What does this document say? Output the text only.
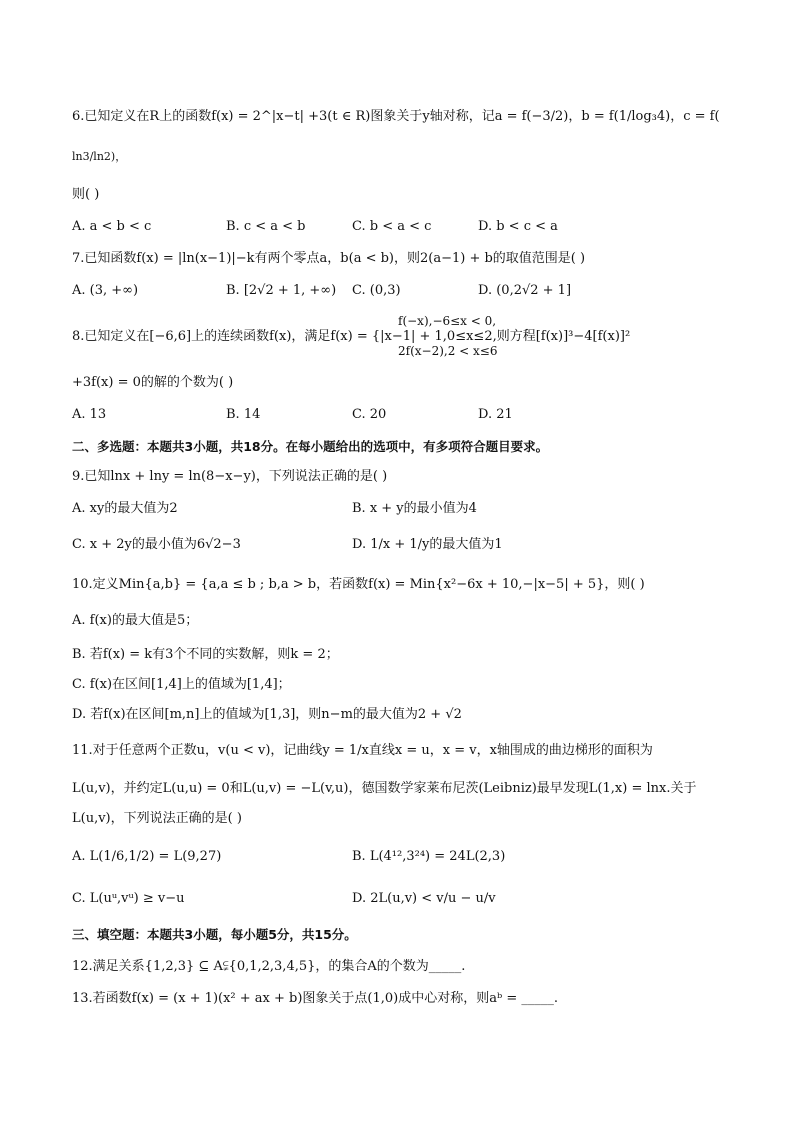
6.已知定义在R上的函数f(x) = 2^|x−t| +3(t ∈ R)图象关于y轴对称，记a = f(−3/2)，b = f(1/log₃4)，c = f(
ln3/ln2)，
则( )
A. a < b < c	B. c < a < b	C. b < a < c	D. b < c < a
7.已知函数f(x) = |ln(x−1)|−k有两个零点a，b(a < b)，则2(a−1) + b的取值范围是( )
A. (3, +∞)	B. [2√2 + 1, +∞) C. (0,3)	D. (0,2√2 + 1]
f(−x),−6≤x < 0,
8.已知定义在[−6,6]上的连续函数f(x)，满足f(x) = {|x−1| + 1,0≤x≤2,则方程[f(x)]³−4[f(x)]²
2f(x−2),2 < x≤6
+3f(x) = 0的解的个数为( )
A. 13	B. 14	C. 20	D. 21
二、多选题：本题共3小题，共18分。在每小题给出的选项中，有多项符合题目要求。
9.已知lnx + lny = ln(8−x−y)，下列说法正确的是( )
A. xy的最大值为2	B. x + y的最小值为4
C. x + 2y的最小值为6√2−3	D. 1/x + 1/y的最大值为1
10.定义Min{a,b} = {a,a ≤ b ; b,a > b，若函数f(x) = Min{x²−6x + 10,−|x−5| + 5}，则( )
A. f(x)的最大值是5；
B. 若f(x) = k有3个不同的实数解，则k = 2；
C. f(x)在区间[1,4]上的值域为[1,4]；
D. 若f(x)在区间[m,n]上的值域为[1,3]，则n−m的最大值为2 + √2
11.对于任意两个正数u，v(u < v)，记曲线y = 1/x直线x = u，x = v，x轴围成的曲边梯形的面积为
L(u,v)，并约定L(u,u) = 0和L(u,v) = −L(v,u)，德国数学家莱布尼茨(Leibniz)最早发现L(1,x) = lnx.关于
L(u,v)，下列说法正确的是( )
A. L(1/6,1/2) = L(9,27)	B. L(4¹²,3²⁴) = 24L(2,3)
C. L(uᵘ,vᵘ) ≥ v−u	D. 2L(u,v) < v/u − u/v
三、填空题：本题共3小题，每小题5分，共15分。
12.满足关系{1,2,3} ⊆ A⫋{0,1,2,3,4,5}，的集合A的个数为_____.
13.若函数f(x) = (x + 1)(x² + ax + b)图象关于点(1,0)成中心对称，则aᵇ = _____.
